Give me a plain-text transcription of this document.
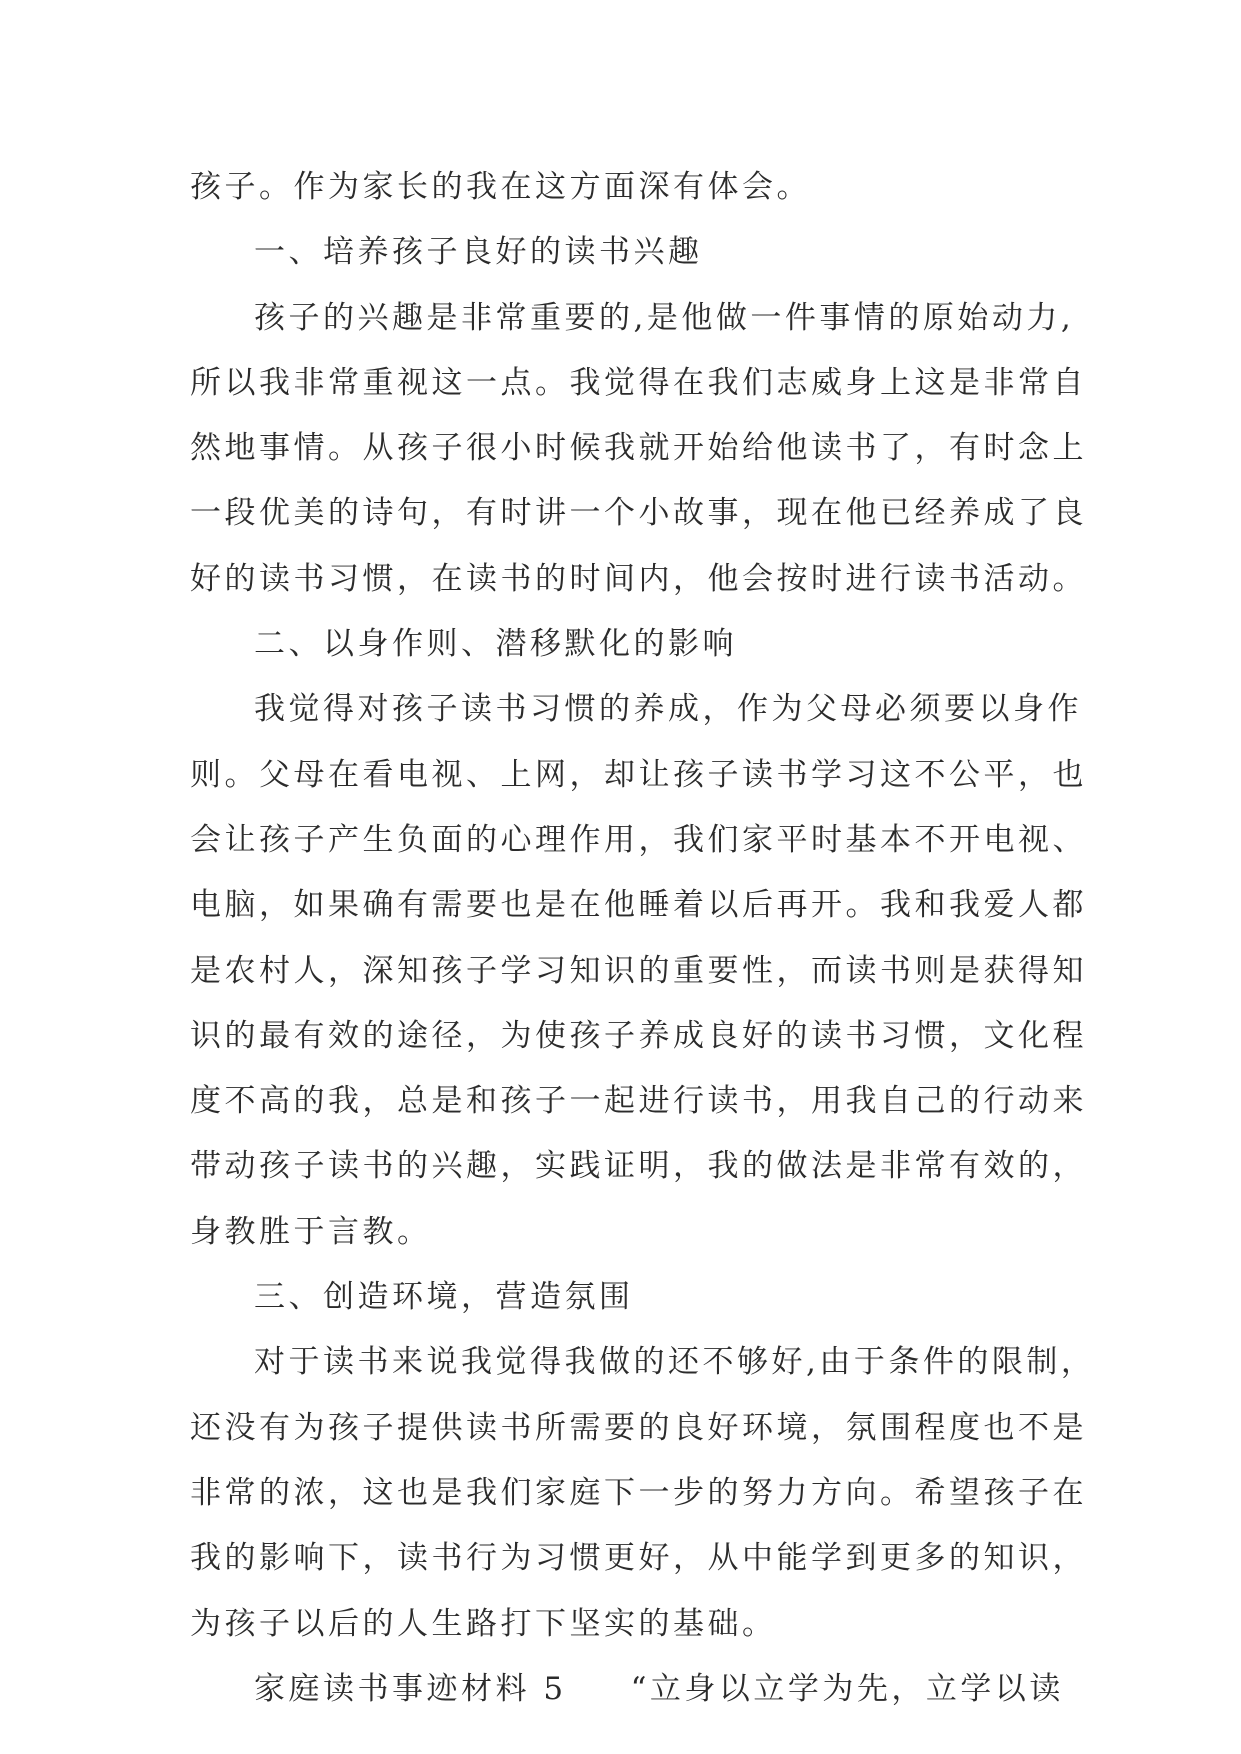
孩子。作为家长的我在这方面深有体会。
一、培养孩子良好的读书兴趣
孩子的兴趣是非常重要的,是他做一件事情的原始动力,
所以我非常重视这一点。我觉得在我们志威身上这是非常自
然地事情。从孩子很小时候我就开始给他读书了，有时念上
一段优美的诗句，有时讲一个小故事，现在他已经养成了良
好的读书习惯，在读书的时间内，他会按时进行读书活动。
二、以身作则、潜移默化的影响
我觉得对孩子读书习惯的养成，作为父母必须要以身作
则。父母在看电视、上网，却让孩子读书学习这不公平，也
会让孩子产生负面的心理作用，我们家平时基本不开电视、
电脑，如果确有需要也是在他睡着以后再开。我和我爱人都
是农村人，深知孩子学习知识的重要性，而读书则是获得知
识的最有效的途径，为使孩子养成良好的读书习惯，文化程
度不高的我，总是和孩子一起进行读书，用我自己的行动来
带动孩子读书的兴趣，实践证明，我的做法是非常有效的，
身教胜于言教。
三、创造环境，营造氛围
对于读书来说我觉得我做的还不够好,由于条件的限制，
还没有为孩子提供读书所需要的良好环境，氛围程度也不是
非常的浓，这也是我们家庭下一步的努力方向。希望孩子在
我的影响下，读书行为习惯更好，从中能学到更多的知识，
为孩子以后的人生路打下坚实的基础。
家庭读书事迹材料 5 “立身以立学为先，立学以读
